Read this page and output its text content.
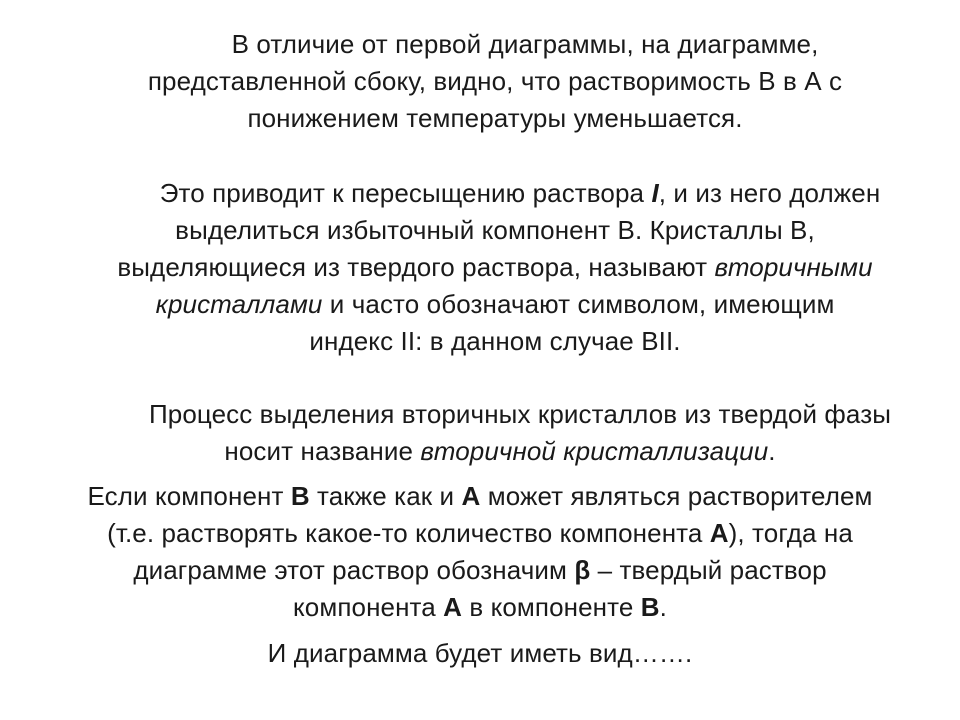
В отличие от первой диаграммы, на диаграмме,
представленной сбоку, видно, что растворимость B в А с
понижением температуры уменьшается.
Это приводит к пересыщению раствора I, и из него должен
выделиться избыточный компонент В. Кристаллы В,
выделяющиеся из твердого раствора, называют вторичными
кристаллами и часто обозначают символом, имеющим
индекс II: в данном случае BII.
Процесс выделения вторичных кристаллов из твердой фазы
носит название вторичной кристаллизации.
Если компонент В также как и А может являться растворителем
(т.е. растворять какое-то количество компонента А), тогда на
диаграмме этот раствор обозначим β – твердый раствор
компонента А в компоненте В.
И диаграмма будет иметь вид…….
